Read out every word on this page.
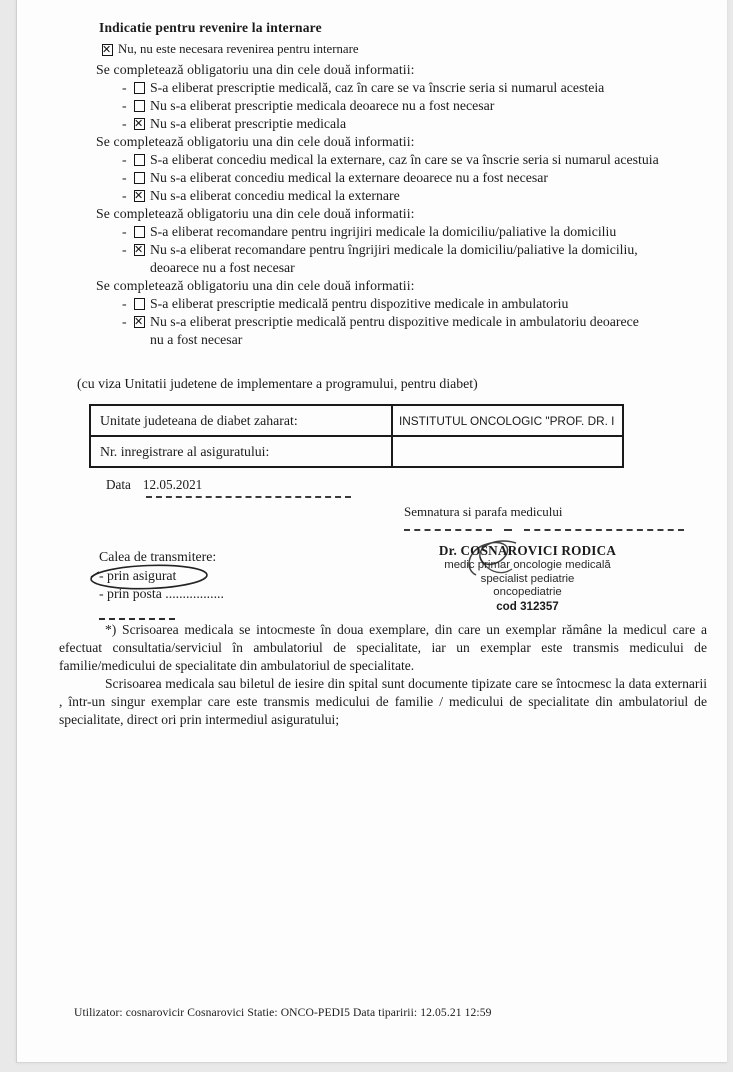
Indicatie pentru revenire la internare
✕
Nu, nu este necesara revenirea pentru internare
Se completează obligatoriu una din cele două informatii:
-	S-a eliberat prescriptie medicală, caz în care se va înscrie seria si numarul acesteia
-	Nu s-a eliberat prescriptie medicala deoarece nu a fost necesar
- ✕	Nu s-a eliberat prescriptie medicala
Se completează obligatoriu una din cele două informatii:
-	S-a eliberat concediu medical la externare, caz în care se va înscrie seria si numarul acestuia
-	Nu s-a eliberat concediu medical la externare deoarece nu a fost necesar
- ✕	Nu s-a eliberat concediu medical la externare
Se completează obligatoriu una din cele două informatii:
-	S-a eliberat recomandare pentru ingrijiri medicale la domiciliu/paliative la domiciliu
- ✕	Nu s-a eliberat recomandare pentru îngrijiri medicale la domiciliu/paliative la domiciliu,
deoarece nu a fost necesar
Se completează obligatoriu una din cele două informatii:
-	S-a eliberat prescriptie medicală pentru dispozitive medicale in ambulatoriu
- ✕	Nu s-a eliberat prescriptie medicală pentru dispozitive medicale in ambulatoriu deoarece
nu a fost necesar
(cu viza Unitatii judetene de implementare a programului, pentru diabet)
Unitate judeteana de diabet zaharat:	INSTITUTUL ONCOLOGIC "PROF. DR. I
Nr. inregistrare al asiguratului:	
Data 12.05.2021
Semnatura si parafa medicului
Calea de transmitere:
- prin asigurat
- prin posta .................
Dr. COSNAROVICI RODICA
medic primar oncologie medicală
specialist pediatrie
oncopediatrie
cod 312357

*) Scrisoarea medicala se intocmeste în doua exemplare, din care un exemplar rămâne la medicul care a efectuat consultatia/serviciul în ambulatoriul de specialitate, iar un exemplar este transmis medicului de familie/medicului de specialitate din ambulatoriul de specialitate.

Scrisoarea medicala sau biletul de iesire din spital sunt documente tipizate care se întocmesc la data externarii , într-un singur exemplar care este transmis medicului de familie / medicului de specialitate din ambulatoriul de specialitate, direct ori prin intermediul asiguratului;

Utilizator: cosnarovicir Cosnarovici Statie: ONCO-PEDI5 Data tiparirii: 12.05.21 12:59
